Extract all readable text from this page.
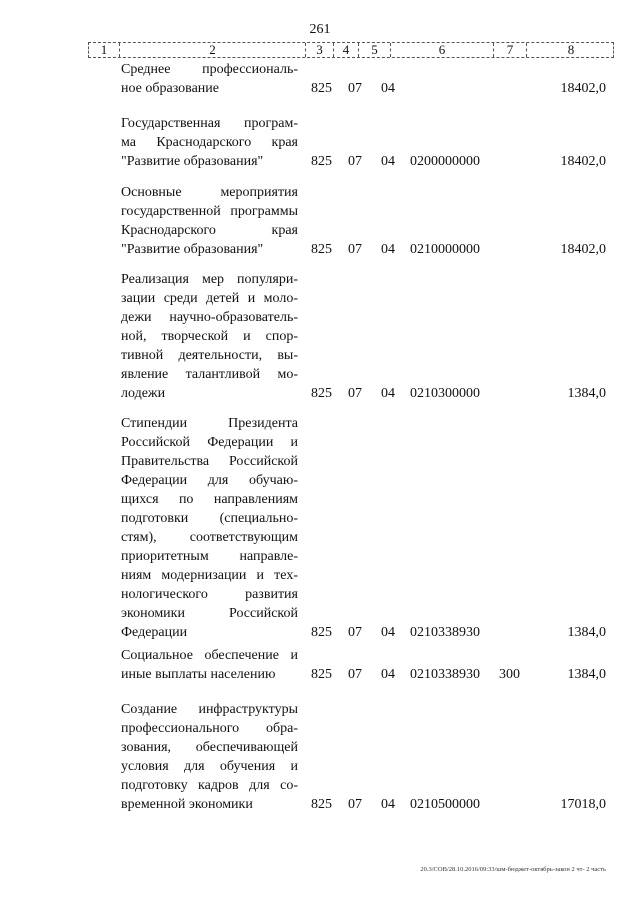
261
1	2	3	4	5	6	7	8
Среднее профессиональ-
ное образование	825 07 04	18402,0
Государственная програм-
ма Краснодарского края
"Развитие образования"	825 07 04 0200000000	18402,0
Основные мероприятия
государственной программы
Краснодарского края
"Развитие образования"	825 07 04 0210000000	18402,0
Реализация мер популяри-
зации среди детей и моло-
дежи научно-образователь-
ной, творческой и спор-
тивной деятельности, вы-
явление талантливой мо-
лодежи	825 07 04 0210300000	1384,0
Стипендии Президента
Российской Федерации и
Правительства Российской
Федерации для обучаю-
щихся по направлениям
подготовки (специально-
стям), соответствующим
приоритетным направле-
ниям модернизации и тех-
нологического развития
экономики Российской
Федерации	825 07 04 0210338930	1384,0
Социальное обеспечение и
иные выплаты населению	825 07 04 0210338930 300	1384,0
Создание инфраструктуры
профессионального обра-
зования, обеспечивающей
условия для обучения и
подготовку кадров для со-
временной экономики	825 07 04 0210500000	17018,0
20.3/СОВ/28.10.2016/09:33/шм-бюджет-октябрь-закон 2 чт- 2 часть
